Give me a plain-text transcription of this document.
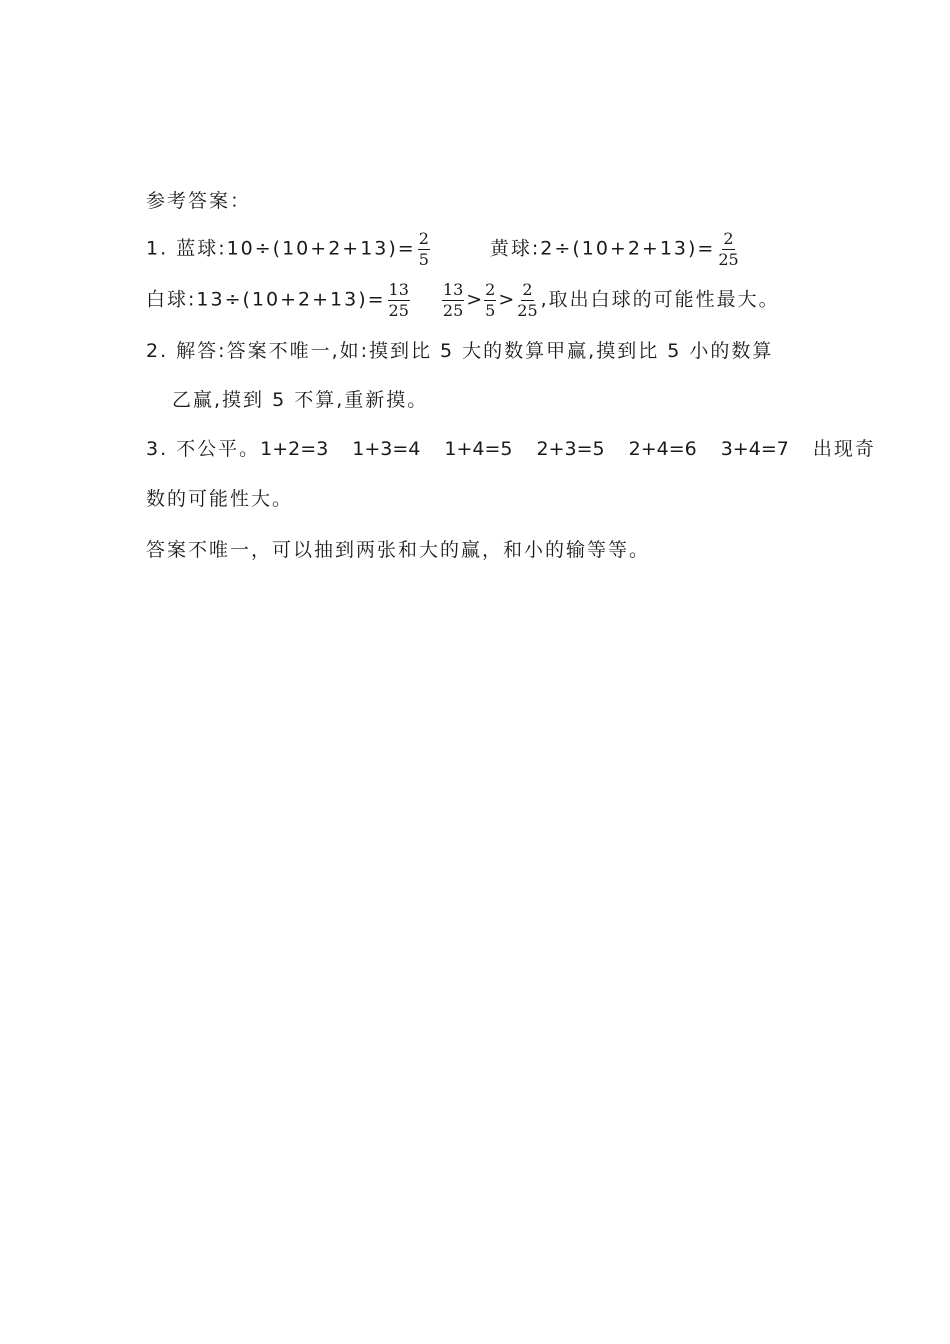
参考答案：
1. 蓝球:10÷(10+2+13)= $\frac{2}{5}$	黄球:2÷(10+2+13)= $\frac{2}{25}$
白球:13÷(10+2+13)= $\frac{13}{25} \frac{13}{25} > \frac{2}{5} > \frac{2}{25}$ ,取出白球的可能性最大。
2. 解答:答案不唯一,如:摸到比 5 大的数算甲赢,摸到比 5 小的数算
乙赢,摸到 5 不算,重新摸。
3. 不公平。1+2=3 1+3=4 1+4=5 2+3=5 2+4=6 3+4=7 出现奇
数的可能性大。
答案不唯一，可以抽到两张和大的赢，和小的输等等。
